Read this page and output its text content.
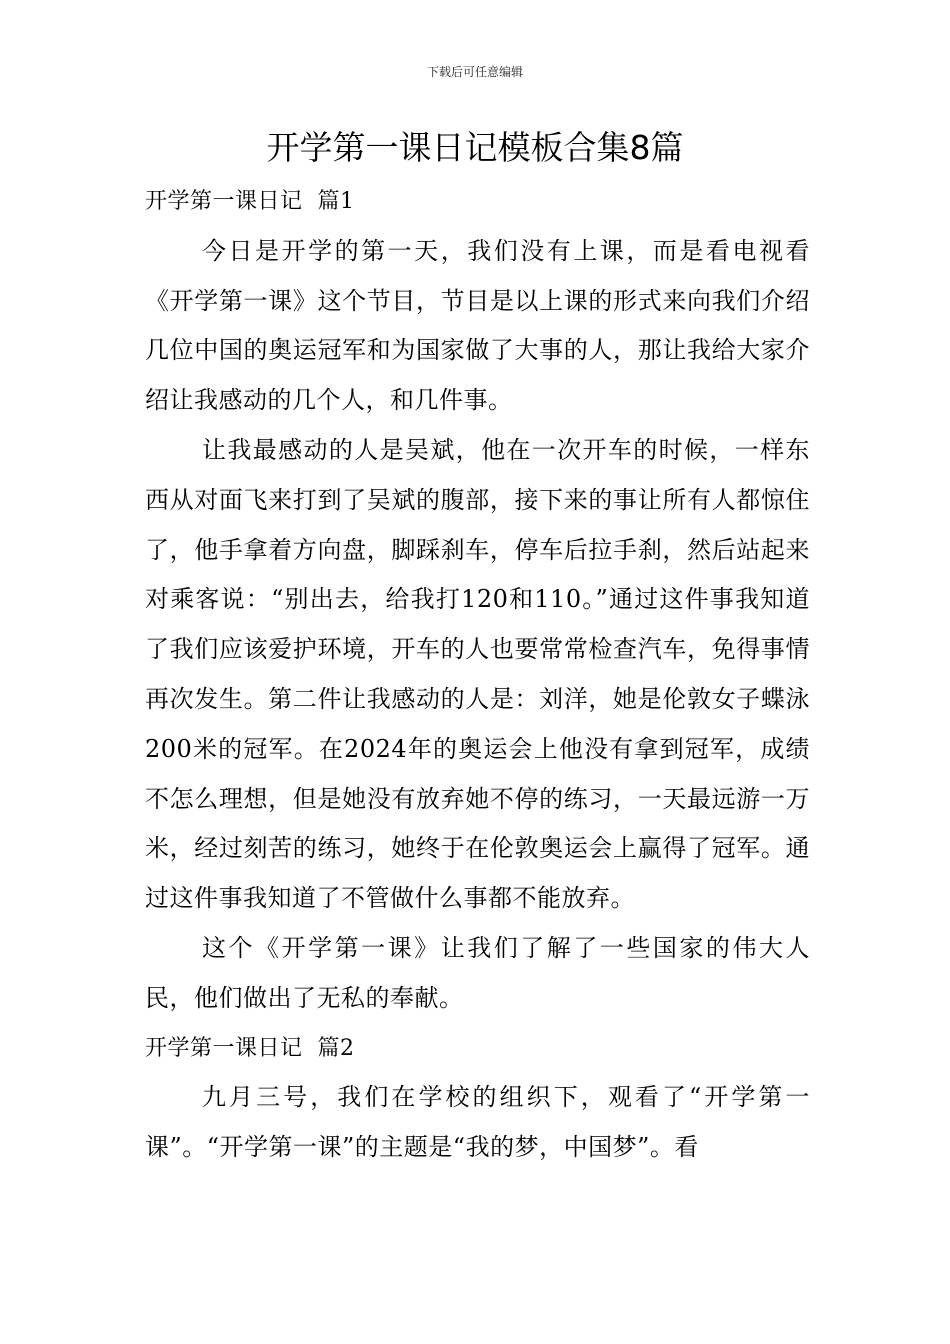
下载后可任意编辑
开学第一课日记模板合集8篇
开学第一课日记  篇1

今日是开学的第一天，我们没有上课，而是看电视看《开学第一课》这个节目，节目是以上课的形式来向我们介绍几位中国的奥运冠军和为国家做了大事的人，那让我给大家介绍让我感动的几个人，和几件事。

让我最感动的人是吴斌，他在一次开车的时候，一样东西从对面飞来打到了吴斌的腹部，接下来的事让所有人都惊住了，他手拿着方向盘，脚踩刹车，停车后拉手刹，然后站起来对乘客说：“别出去，给我打120和110。”通过这件事我知道了我们应该爱护环境，开车的人也要常常检查汽车，免得事情再次发生。第二件让我感动的人是：刘洋，她是伦敦女子蝶泳200米的冠军。在2024年的奥运会上他没有拿到冠军，成绩不怎么理想，但是她没有放弃她不停的练习，一天最远游一万米，经过刻苦的练习，她终于在伦敦奥运会上赢得了冠军。通过这件事我知道了不管做什么事都不能放弃。

这个《开学第一课》让我们了解了一些国家的伟大人民，他们做出了无私的奉献。

开学第一课日记  篇2

九月三号，我们在学校的组织下，观看了“开学第一课”。“开学第一课”的主题是“我的梦，中国梦”。看
